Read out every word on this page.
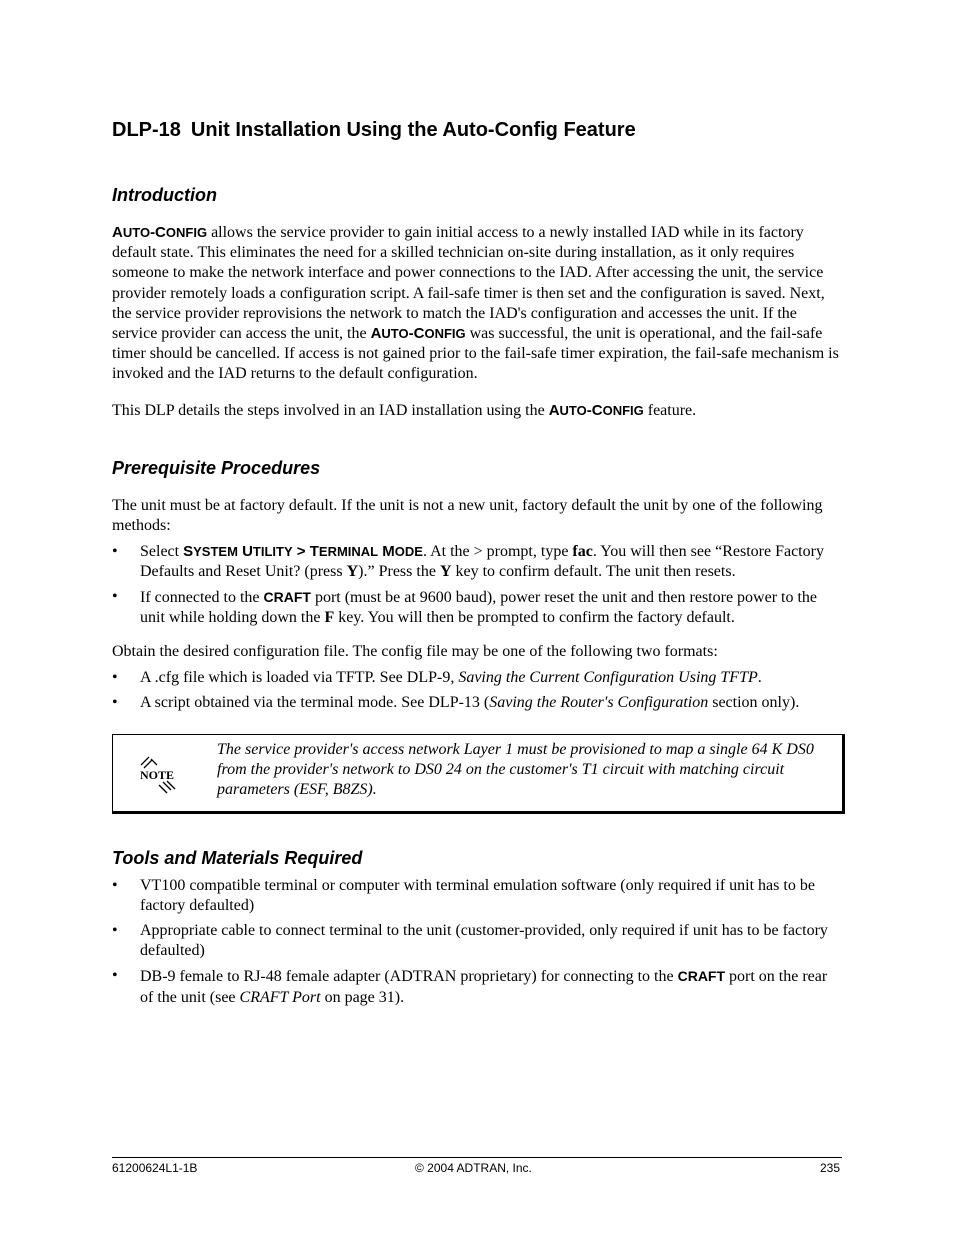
DLP-18 Unit Installation Using the Auto-Config Feature
Introduction

AUTO-CONFIG allows the service provider to gain initial access to a newly installed IAD while in its factory default state. This eliminates the need for a skilled technician on-site during installation, as it only requires someone to make the network interface and power connections to the IAD. After accessing the unit, the service provider remotely loads a configuration script. A fail-safe timer is then set and the configuration is saved. Next, the service provider reprovisions the network to match the IAD's configuration and accesses the unit. If the service provider can access the unit, the AUTO-CONFIG was successful, the unit is operational, and the fail-safe timer should be cancelled. If access is not gained prior to the fail-safe timer expiration, the fail-safe mechanism is invoked and the IAD returns to the default configuration.

This DLP details the steps involved in an IAD installation using the AUTO-CONFIG feature.

Prerequisite Procedures

The unit must be at factory default. If the unit is not a new unit, factory default the unit by one of the following methods:

• Select SYSTEM UTILITY > TERMINAL MODE. At the > prompt, type fac. You will then see “Restore Factory Defaults and Reset Unit? (press Y).” Press the Y key to confirm default. The unit then resets.
• If connected to the CRAFT port (must be at 9600 baud), power reset the unit and then restore power to the unit while holding down the F key. You will then be prompted to confirm the factory default.

Obtain the desired configuration file. The config file may be one of the following two formats:

• A .cfg file which is loaded via TFTP. See DLP-9, Saving the Current Configuration Using TFTP.
• A script obtained via the terminal mode. See DLP-13 (Saving the Router's Configuration section only).
NOTE

The service provider's access network Layer 1 must be provisioned to map a single 64 K DS0 from the provider's network to DS0 24 on the customer's T1 circuit with matching circuit parameters (ESF, B8ZS).

Tools and Materials Required
• VT100 compatible terminal or computer with terminal emulation software (only required if unit has to be factory defaulted)
• Appropriate cable to connect terminal to the unit (customer-provided, only required if unit has to be factory defaulted)
• DB-9 female to RJ-48 female adapter (ADTRAN proprietary) for connecting to the CRAFT port on the rear of the unit (see CRAFT Port on page 31).
61200624L1-1B	© 2004 ADTRAN, Inc.	235
